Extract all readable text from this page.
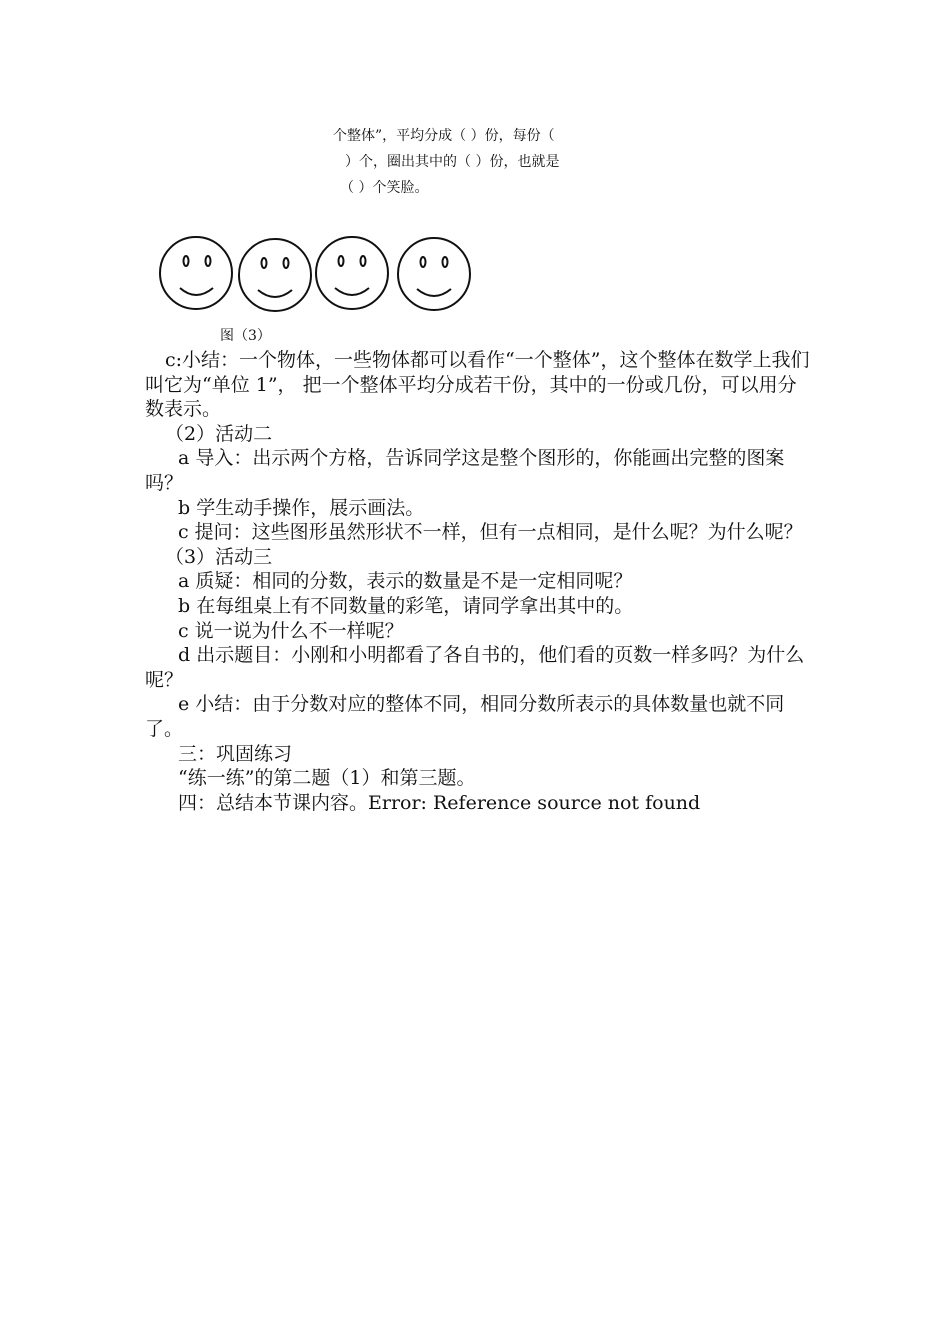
个整体”，平均分成（ ）份，每份（
）个，圈出其中的（ ）份，也就是
（ ）个笑脸。
图（3）

c:小结：一个物体，一些物体都可以看作“一个整体”，这个整体在数学上我们叫它为“单位 1”， 把一个整体平均分成若干份，其中的一份或几份，可以用分数表示。

（2）活动二

a 导入：出示两个方格，告诉同学这是整个图形的，你能画出完整的图案吗？

b 学生动手操作，展示画法。

c 提问：这些图形虽然形状不一样，但有一点相同，是什么呢？为什么呢？

（3）活动三

a 质疑：相同的分数，表示的数量是不是一定相同呢？

b 在每组桌上有不同数量的彩笔，请同学拿出其中的。

c 说一说为什么不一样呢？

d 出示题目：小刚和小明都看了各自书的，他们看的页数一样多吗？为什么呢？

e 小结：由于分数对应的整体不同，相同分数所表示的具体数量也就不同了。

三：巩固练习

“练一练”的第二题（1）和第三题。

四：总结本节课内容。Error: Reference source not found
